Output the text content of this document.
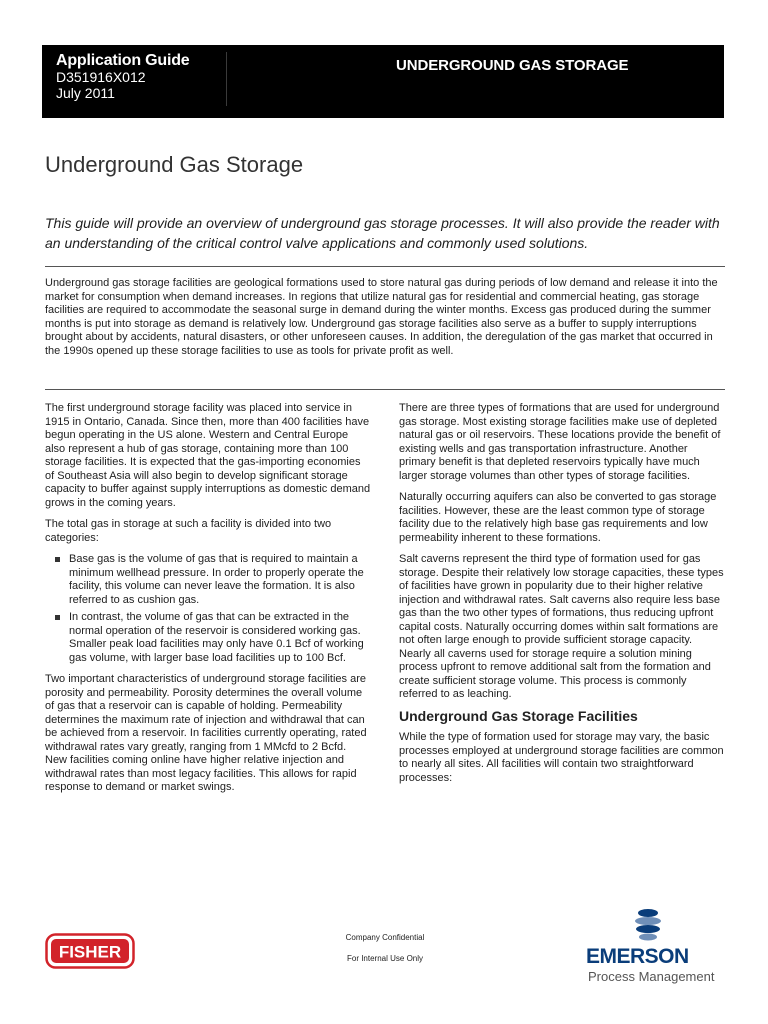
Application Guide
D351916X012
July 2011
UNDERGROUND GAS STORAGE
Underground Gas Storage

This guide will provide an overview of underground gas storage processes. It will also provide the reader with an understanding of the critical control valve applications and commonly used solutions.

Underground gas storage facilities are geological formations used to store natural gas during periods of low demand and release it into the market for consumption when demand increases. In regions that utilize natural gas for residential and commercial heating, gas storage facilities are required to accommodate the seasonal surge in demand during the winter months. Excess gas produced during the summer months is put into storage as demand is relatively low. Underground gas storage facilities also serve as a buffer to supply interruptions brought about by accidents, natural disasters, or other unforeseen causes. In addition, the deregulation of the gas market that occurred in the 1990s opened up these storage facilities to use as tools for private profit as well.

The first underground storage facility was placed into service in 1915 in Ontario, Canada. Since then, more than 400 facilities have begun operating in the US alone. Western and Central Europe also represent a hub of gas storage, containing more than 100 storage facilities. It is expected that the gas-importing economies of Southeast Asia will also begin to develop significant storage capacity to buffer against supply interruptions as domestic demand grows in the coming years.

The total gas in storage at such a facility is divided into two categories:

Base gas is the volume of gas that is required to maintain a minimum wellhead pressure. In order to properly operate the facility, this volume can never leave the formation. It is also referred to as cushion gas.
In contrast, the volume of gas that can be extracted in the normal operation of the reservoir is considered working gas. Smaller peak load facilities may only have 0.1 Bcf of working gas volume, with larger base load facilities up to 100 Bcf.

Two important characteristics of underground storage facilities are porosity and permeability. Porosity determines the overall volume of gas that a reservoir can is capable of holding. Permeability determines the maximum rate of injection and withdrawal that can be achieved from a reservoir. In facilities currently operating, rated withdrawal rates vary greatly, ranging from 1 MMcfd to 2 Bcfd. New facilities coming online have higher relative injection and withdrawal rates than most legacy facilities. This allows for rapid response to demand or market swings.

There are three types of formations that are used for underground gas storage. Most existing storage facilities make use of depleted natural gas or oil reservoirs. These locations provide the benefit of existing wells and gas transportation infrastructure. Another primary benefit is that depleted reservoirs typically have much larger storage volumes than other types of storage facilities.

Naturally occurring aquifers can also be converted to gas storage facilities. However, these are the least common type of storage facility due to the relatively high base gas requirements and low permeability inherent to these formations.

Salt caverns represent the third type of formation used for gas storage. Despite their relatively low storage capacities, these types of facilities have grown in popularity due to their higher relative injection and withdrawal rates. Salt caverns also require less base gas than the two other types of formations, thus reducing upfront capital costs. Naturally occurring domes within salt formations are not often large enough to provide sufficient storage capacity. Nearly all caverns used for storage require a solution mining process upfront to remove additional salt from the formation and create sufficient storage volume. This process is commonly referred to as leaching.

Underground Gas Storage Facilities

While the type of formation used for storage may vary, the basic processes employed at underground storage facilities are common to nearly all sites. All facilities will contain two straightforward processes:

FISHER
Company Confidential
For Internal Use Only	EMERSON
Process Management
